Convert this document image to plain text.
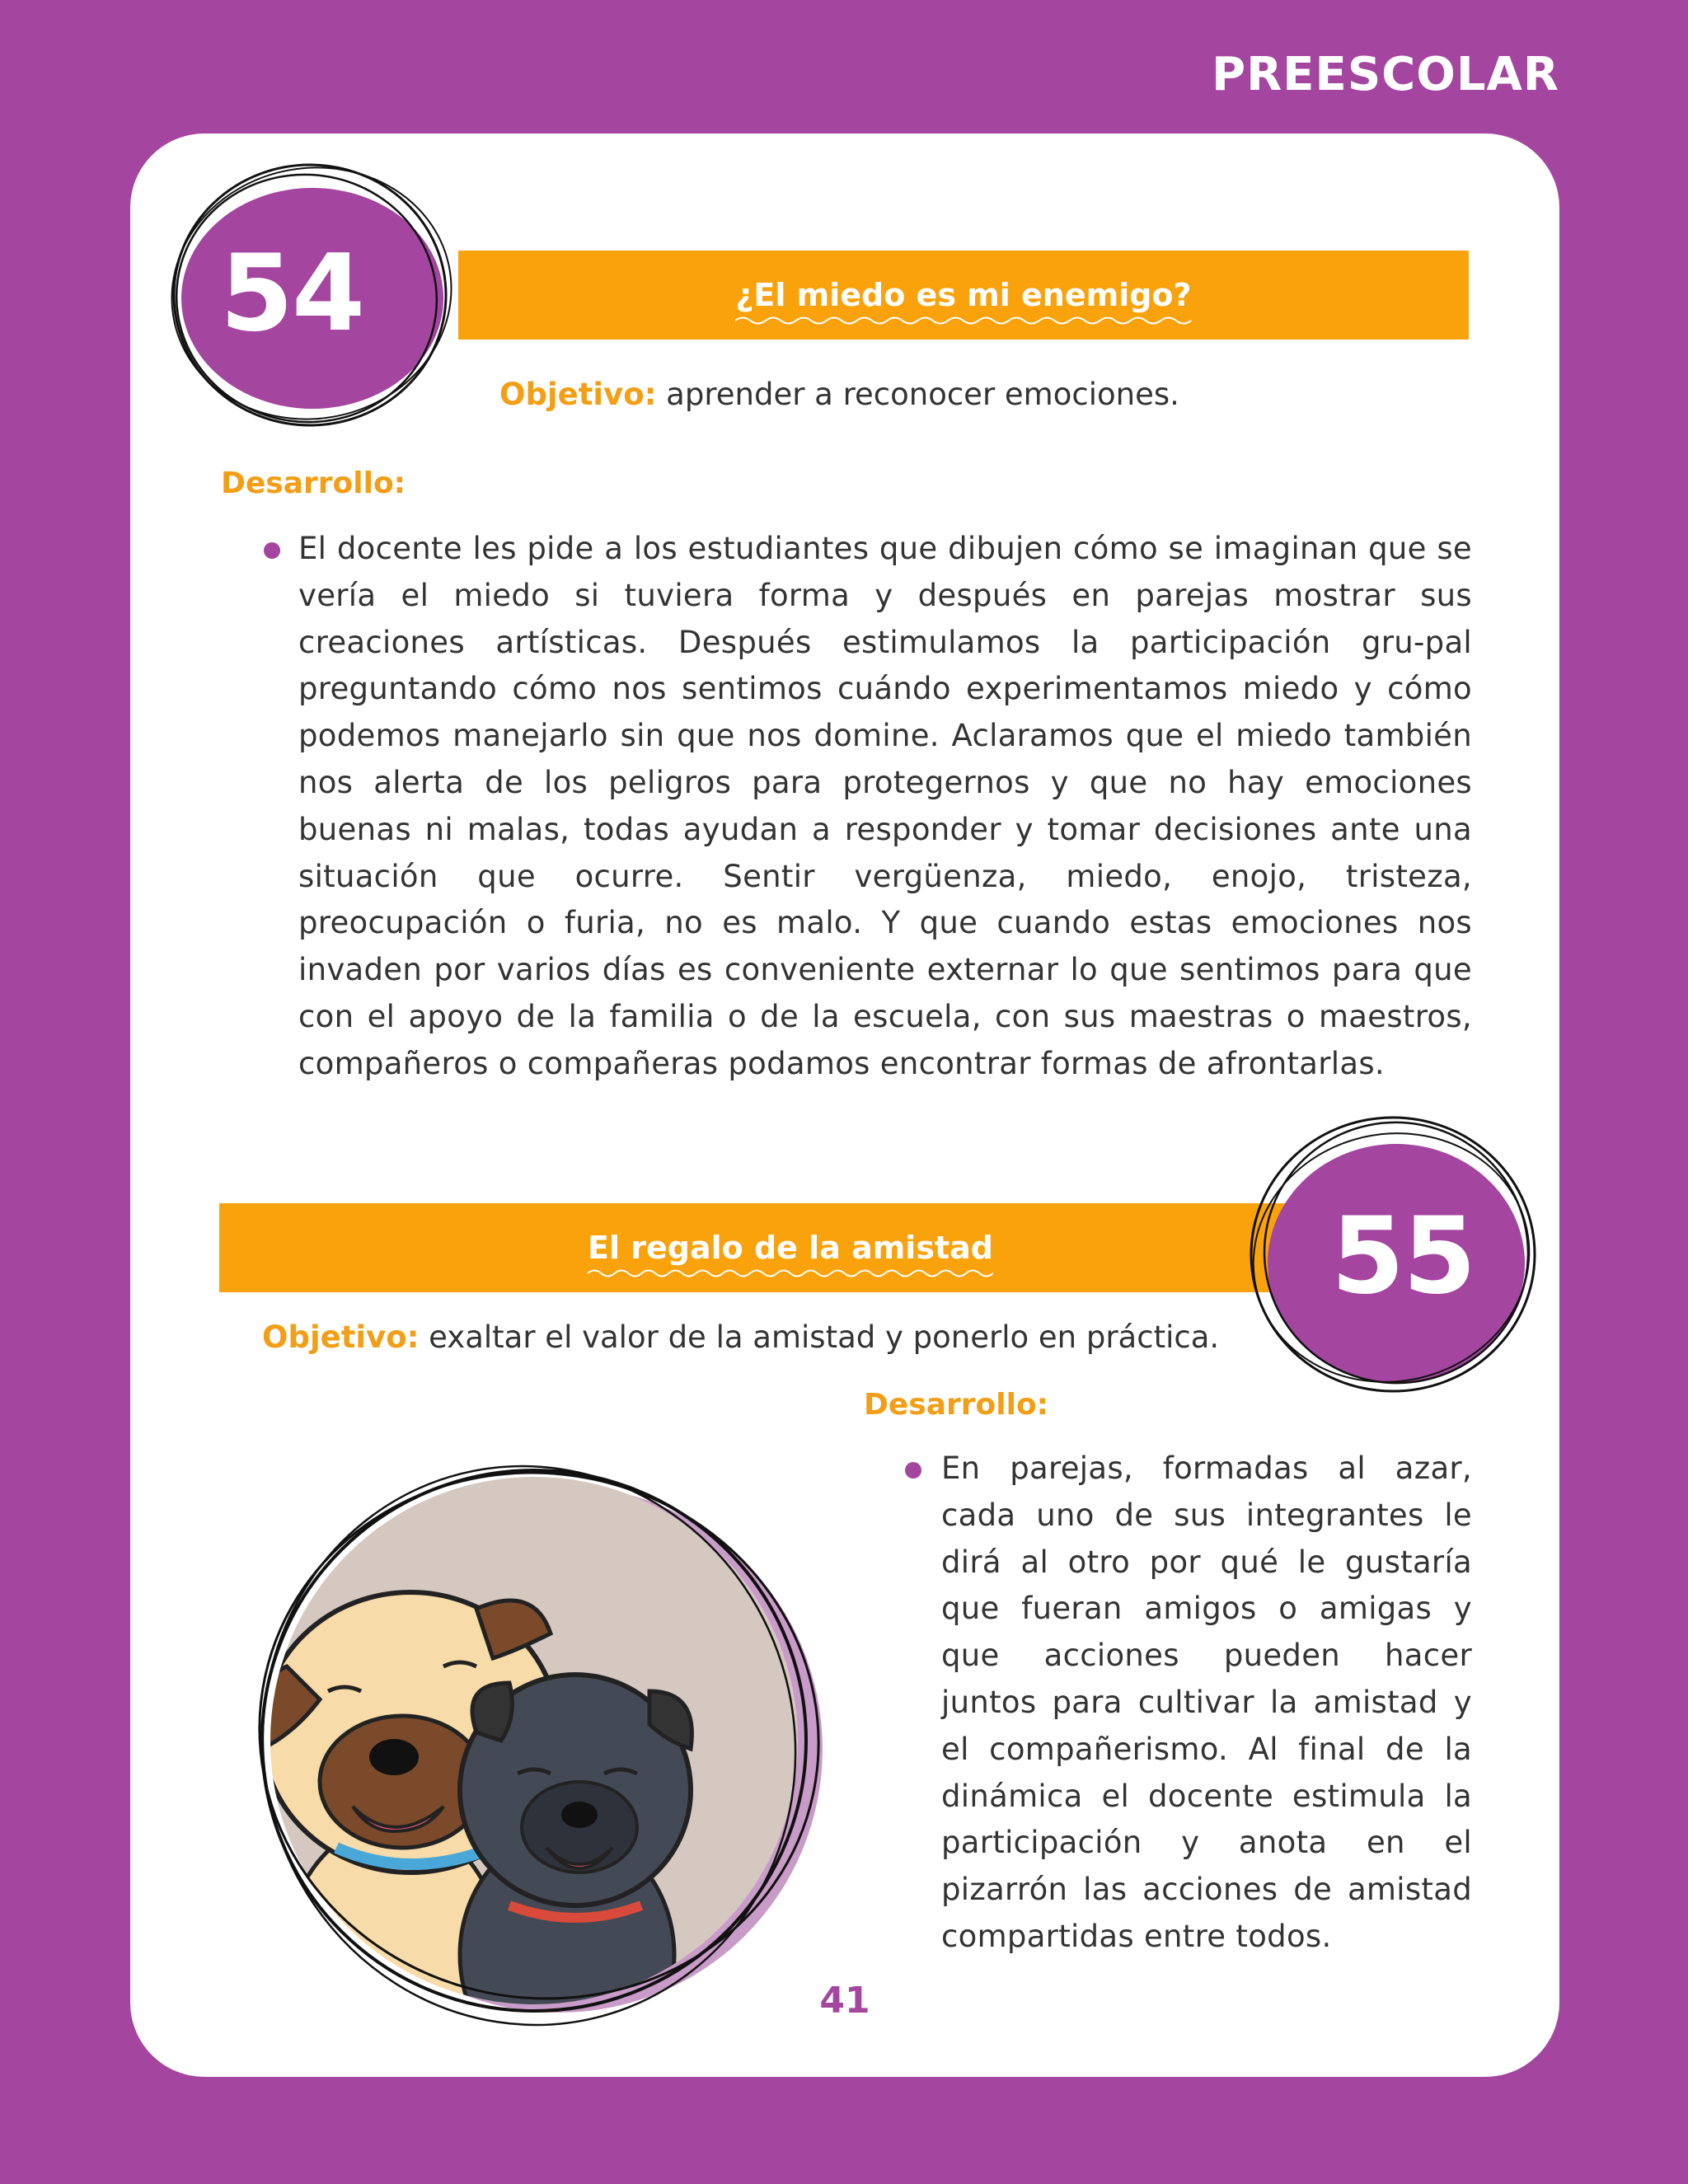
PREESCOLAR
54	¿El miedo es mi enemigo?
Objetivo: aprender a reconocer emociones.
Desarrollo:
El docente les pide a los estudiantes que dibujen cómo se imaginan que se vería el miedo si tuviera forma y después en parejas mostrar sus creaciones artísticas. Después estimulamos la participación gru-pal preguntando cómo nos sentimos cuándo experimentamos miedo y cómo podemos manejarlo sin que nos domine. Aclaramos que el miedo también nos alerta de los peligros para protegernos y que no hay emociones buenas ni malas, todas ayudan a responder y tomar decisiones ante una situación que ocurre. Sentir vergüenza, miedo, enojo, tristeza, preocupación o furia, no es malo. Y que cuando estas emociones nos invaden por varios días es conveniente externar lo que sentimos para que con el apoyo de la familia o de la escuela, con sus maestras o maestros, compañeros o compañeras podamos encontrar formas de afrontarlas.
El regalo de la amistad	55
Objetivo: exaltar el valor de la amistad y ponerlo en práctica.
Desarrollo:
En parejas, formadas al azar, cada uno de sus integrantes le dirá al otro por qué le gustaría que fueran amigos o amigas y que acciones pueden hacer juntos para cultivar la amistad y el compañerismo. Al final de la dinámica el docente estimula la participación y anota en el pizarrón las acciones de amistad compartidas entre todos.
41
